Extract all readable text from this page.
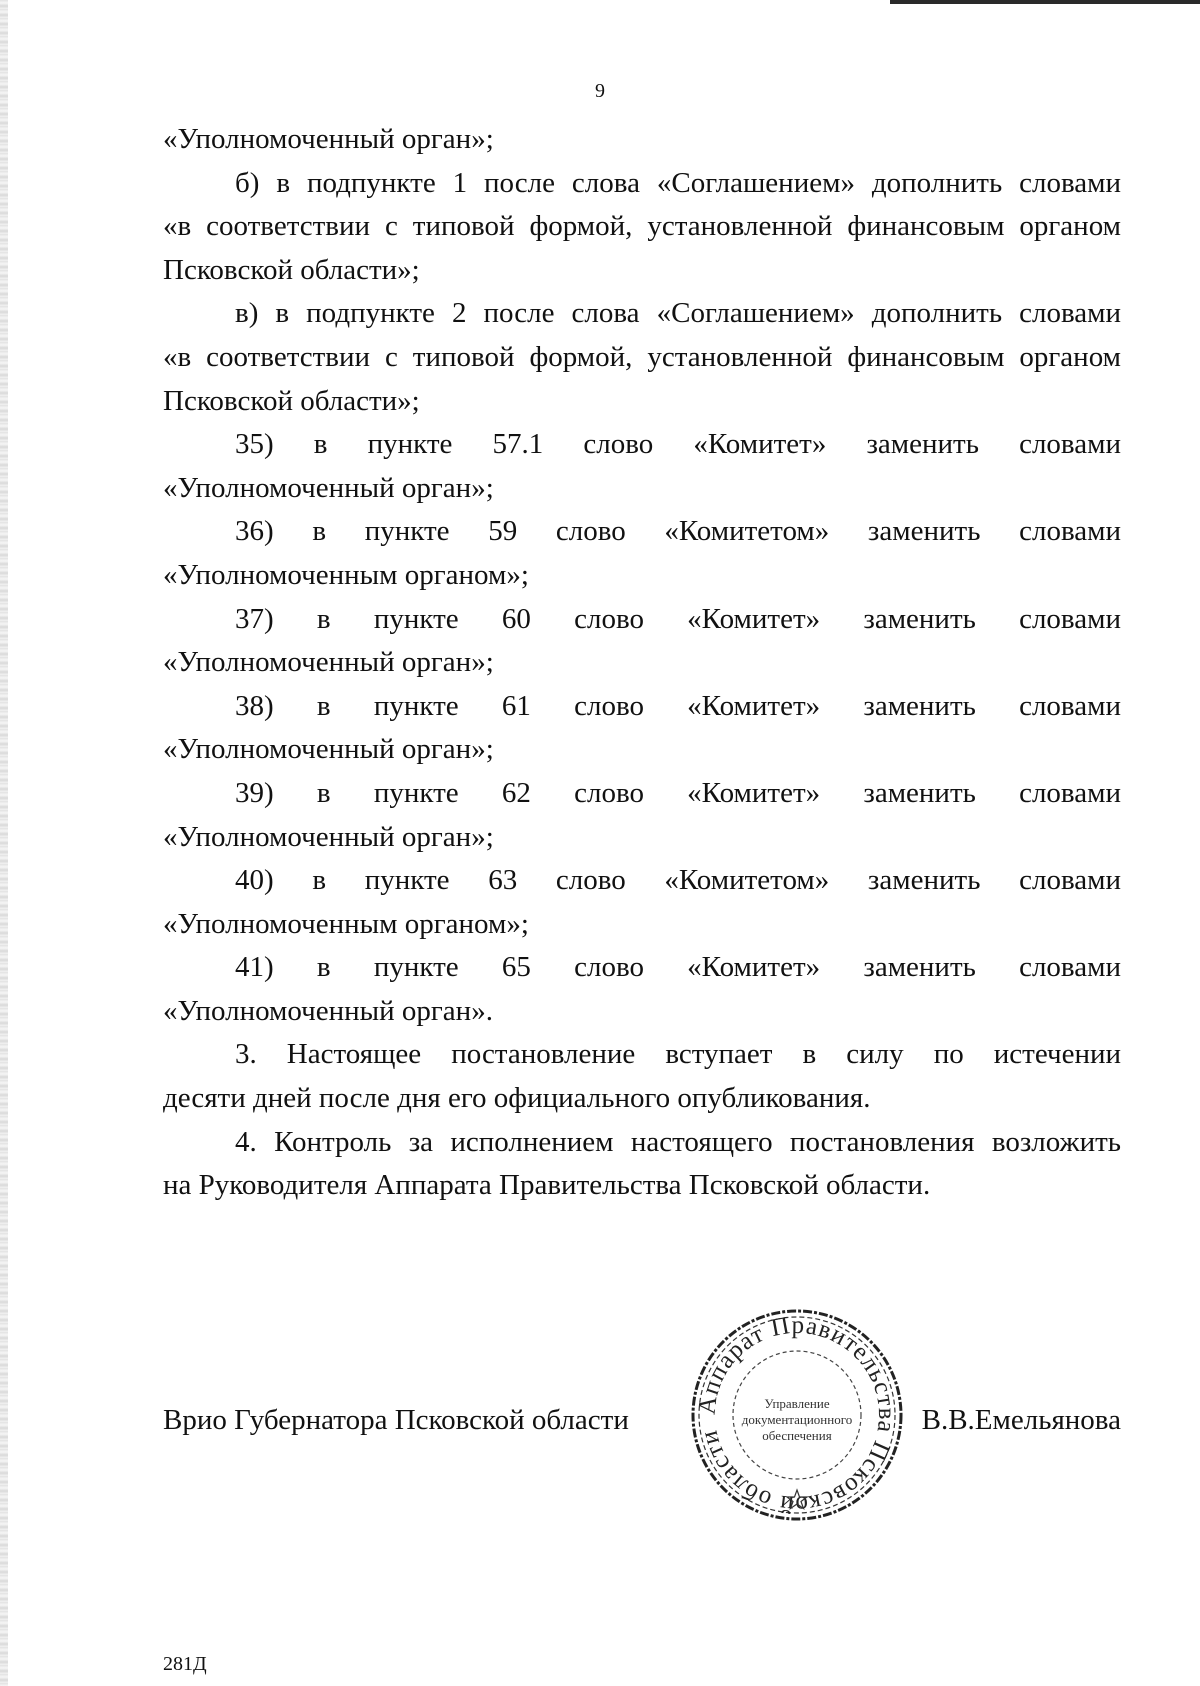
9

«Уполномоченный орган»;

б) в подпункте 1 после слова «Соглашением» дополнить словами
«в соответствии с типовой формой, установленной финансовым органом
Псковской области»;

в) в подпункте 2 после слова «Соглашением» дополнить словами
«в соответствии с типовой формой, установленной финансовым органом
Псковской области»;

35) в пункте 57.1 слово «Комитет» заменить словами
«Уполномоченный орган»;

36) в пункте 59 слово «Комитетом» заменить словами
«Уполномоченным органом»;

37) в пункте 60 слово «Комитет» заменить словами
«Уполномоченный орган»;

38) в пункте 61 слово «Комитет» заменить словами
«Уполномоченный орган»;

39) в пункте 62 слово «Комитет» заменить словами
«Уполномоченный орган»;

40) в пункте 63 слово «Комитетом» заменить словами
«Уполномоченным органом»;

41) в пункте 65 слово «Комитет» заменить словами
«Уполномоченный орган».

3. Настоящее постановление вступает в силу по истечении
десяти дней после дня его официального опубликования.

4. Контроль за исполнением настоящего постановления возложить
на Руководителя Аппарата Правительства Псковской области.

Врио Губернатора Псковской области	В.В.Емельянова
Аппарат Правительства Псковской области
Управление
документационного
обеспечения
281Д
